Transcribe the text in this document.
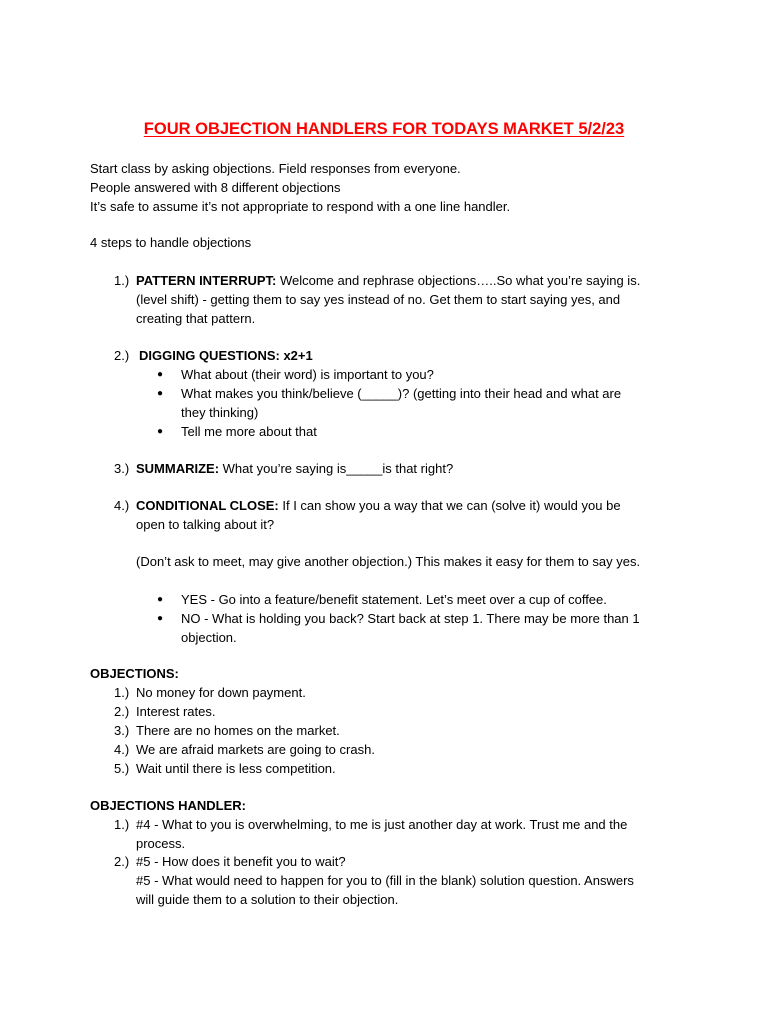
FOUR OBJECTION HANDLERS FOR TODAYS MARKET 5/2/23
Start class by asking objections. Field responses from everyone.
People answered with 8 different objections
It’s safe to assume it’s not appropriate to respond with a one line handler.
4 steps to handle objections
1.) PATTERN INTERRUPT: Welcome and rephrase objections…..So what you’re saying is.
(level shift) - getting them to say yes instead of no. Get them to start saying yes, and
creating that pattern.
2.) DIGGING QUESTIONS: x2+1
● What about (their word) is important to you?
● What makes you think/believe (_____)? (getting into their head and what are
they thinking)
● Tell me more about that
3.) SUMMARIZE: What you’re saying is_____is that right?
4.) CONDITIONAL CLOSE: If I can show you a way that we can (solve it) would you be
open to talking about it?
(Don’t ask to meet, may give another objection.) This makes it easy for them to say yes.
● YES - Go into a feature/benefit statement. Let’s meet over a cup of coffee.
● NO - What is holding you back? Start back at step 1. There may be more than 1
objection.
OBJECTIONS:
1.) No money for down payment.
2.) Interest rates.
3.) There are no homes on the market.
4.) We are afraid markets are going to crash.
5.) Wait until there is less competition.
OBJECTIONS HANDLER:
1.) #4 - What to you is overwhelming, to me is just another day at work. Trust me and the
process.
2.) #5 - How does it benefit you to wait?
#5 - What would need to happen for you to (fill in the blank) solution question. Answers
will guide them to a solution to their objection.
